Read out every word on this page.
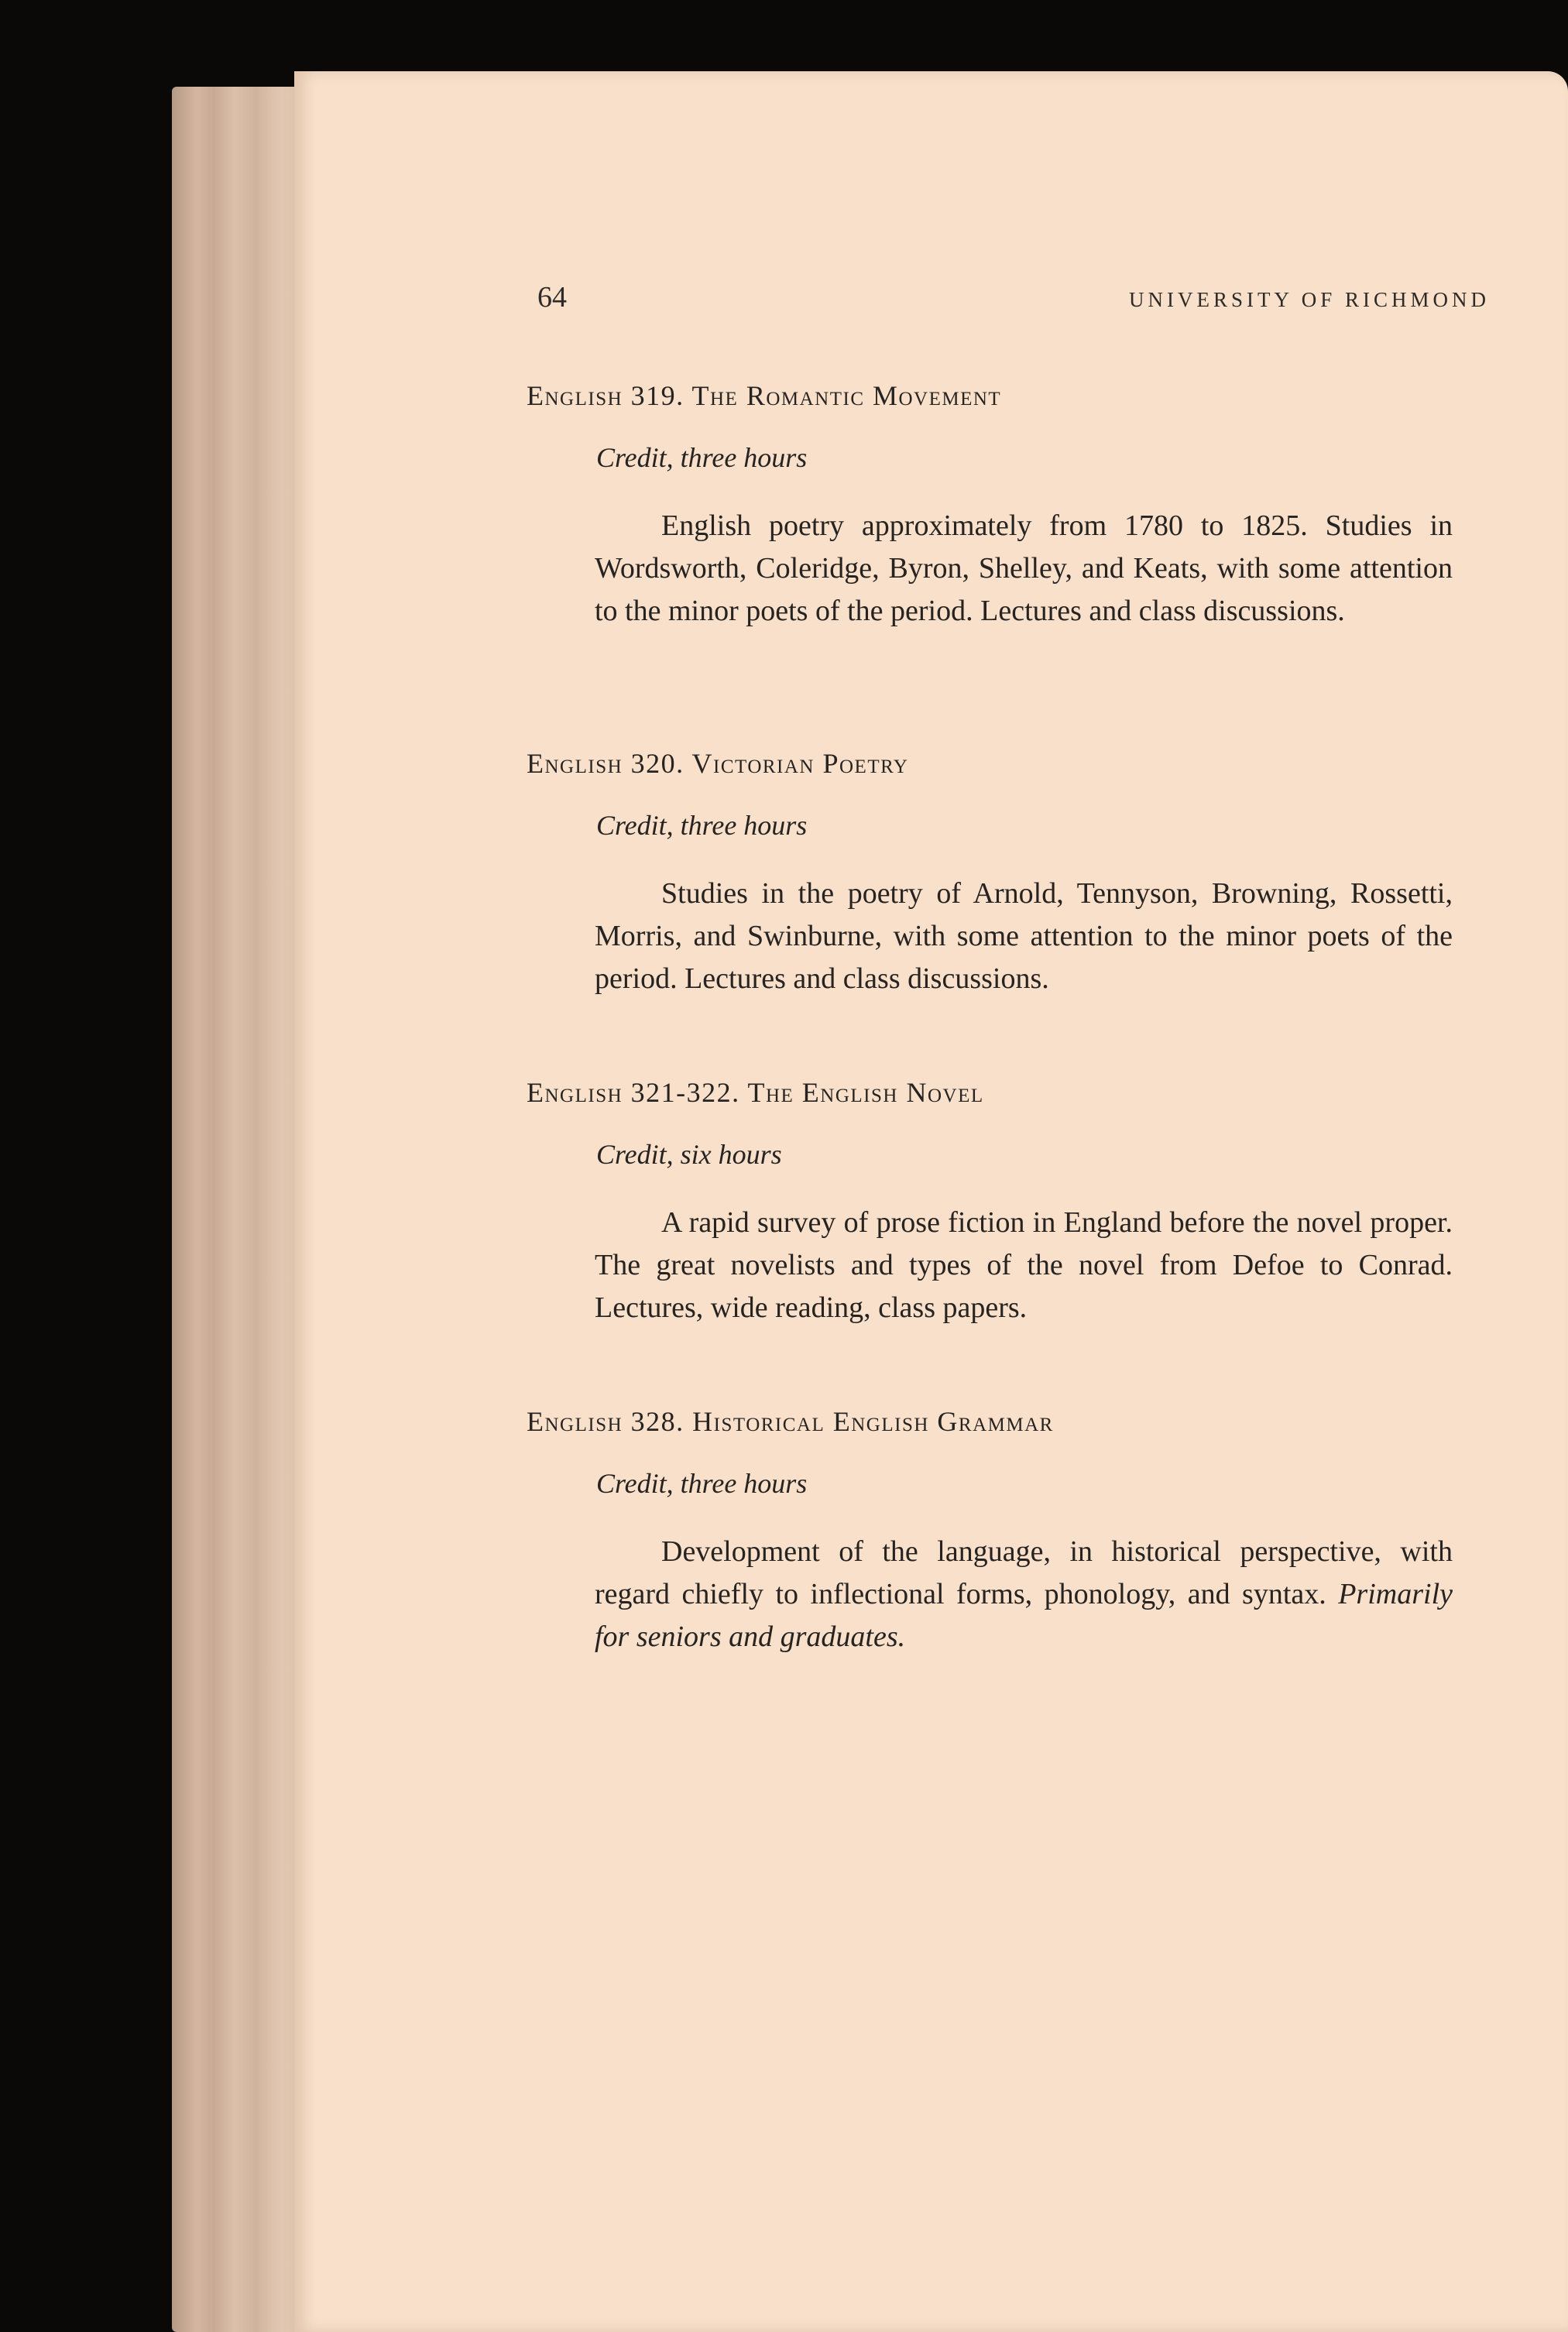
64	UNIVERSITY OF RICHMOND
English 319. The Romantic Movement
Credit, three hours
English poetry approximately from 1780 to 1825. Studies in Wordsworth, Coleridge, Byron, Shelley, and Keats, with some attention to the minor poets of the period. Lectures and class discussions.
English 320. Victorian Poetry
Credit, three hours
Studies in the poetry of Arnold, Tennyson, Browning, Rossetti, Morris, and Swinburne, with some attention to the minor poets of the period. Lectures and class discussions.
English 321-322. The English Novel
Credit, six hours
A rapid survey of prose fiction in England before the novel proper. The great novelists and types of the novel from Defoe to Conrad. Lectures, wide reading, class papers.
English 328. Historical English Grammar
Credit, three hours
Development of the language, in historical perspective, with regard chiefly to inflectional forms, phonology, and syntax. Primarily for seniors and graduates.
